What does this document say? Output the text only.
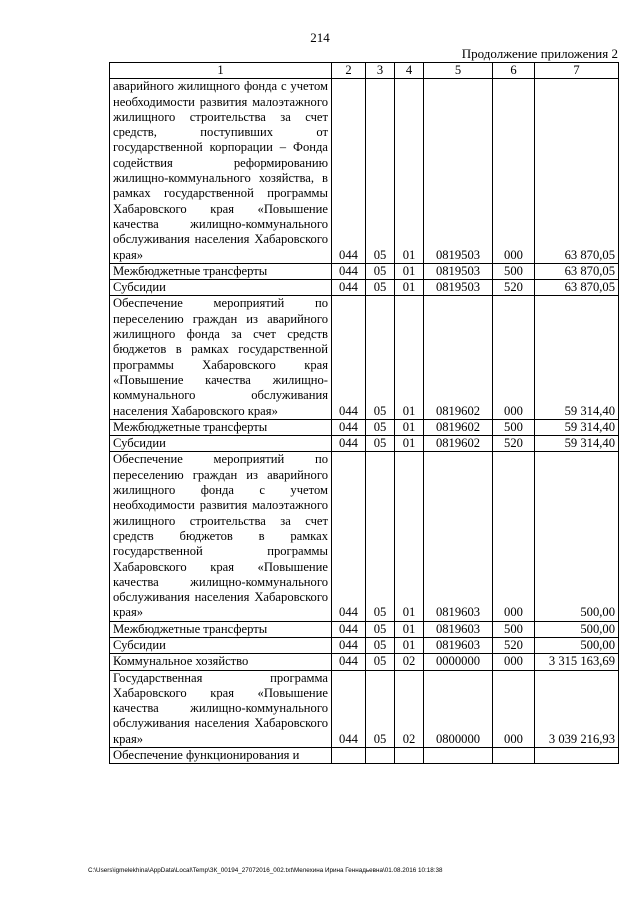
214
Продолжение приложения 2
1	2	3	4	5	6	7
аварийного жилищного фонда с учетом необходимости развития малоэтажного жилищного строительства за счет средств, поступивших от государственной корпорации – Фонда содействия реформированию жилищно-коммунального хозяйства, в рамках государственной программы Хабаровского края «Повышение качества жилищно-коммунального обслуживания населения Хабаровского края»	044	05	01	0819503	000	63 870,05
Межбюджетные трансферты	044	05	01	0819503	500	63 870,05
Субсидии	044	05	01	0819503	520	63 870,05
Обеспечение мероприятий по переселению граждан из аварийного жилищного фонда за счет средств бюджетов в рамках государственной программы Хабаровского края «Повышение качества жилищно-коммунального обслуживания населения Хабаровского края»	044	05	01	0819602	000	59 314,40
Межбюджетные трансферты	044	05	01	0819602	500	59 314,40
Субсидии	044	05	01	0819602	520	59 314,40
Обеспечение мероприятий по переселению граждан из аварийного жилищного фонда с учетом необходимости развития малоэтажного жилищного строительства за счет средств бюджетов в рамках государственной программы Хабаровского края «Повышение качества жилищно-коммунального обслуживания населения Хабаровского края»	044	05	01	0819603	000	500,00
Межбюджетные трансферты	044	05	01	0819603	500	500,00
Субсидии	044	05	01	0819603	520	500,00
Коммунальное хозяйство	044	05	02	0000000	000	3 315 163,69
Государственная программа Хабаровского края «Повышение качества жилищно-коммунального обслуживания населения Хабаровского края»	044	05	02	0800000	000	3 039 216,93
Обеспечение функционирования и						
C:\Users\igmelekhina\AppData\Local\Temp\ЗК_00194_27072016_002.txt\Мелехина Ирина Геннадьевна\01.08.2016 10:18:38
